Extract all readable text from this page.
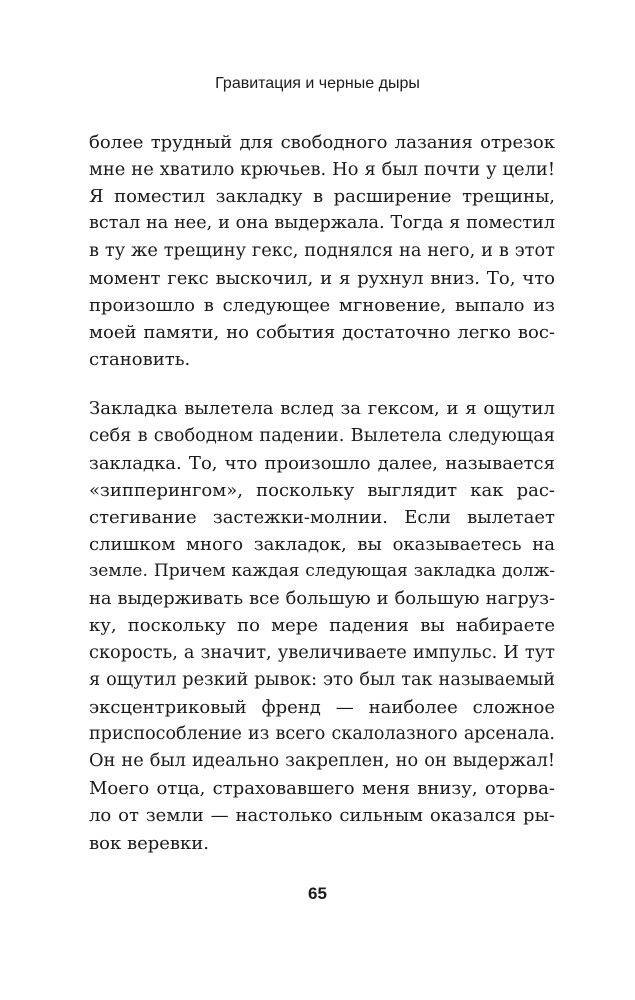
Гравитация и черные дыры

более трудный для свободного лазания отрезок
мне не хватило крючьев. Но я был почти у цели!
Я поместил закладку в расширение трещины,
встал на нее, и она выдержала. Тогда я поместил
в ту же трещину гекс, поднялся на него, и в этот
момент гекс выскочил, и я рухнул вниз. То, что
произошло в следующее мгновение, выпало из
моей памяти, но события достаточно легко вос-
становить.

Закладка вылетела вслед за гексом, и я ощутил
себя в свободном падении. Вылетела следующая
закладка. То, что произошло далее, называется
«зипперингом», поскольку выглядит как рас-
стегивание застежки-молнии. Если вылетает
слишком много закладок, вы оказываетесь на
земле. Причем каждая следующая закладка долж-
на выдерживать все большую и большую нагруз-
ку, поскольку по мере падения вы набираете
скорость, а значит, увеличиваете импульс. И тут
я ощутил резкий рывок: это был так называемый
эксцентриковый френд — наиболее сложное
приспособление из всего скалолазного арсенала.
Он не был идеально закреплен, но он выдержал!
Моего отца, страховавшего меня внизу, оторва-
ло от земли — настолько сильным оказался ры-
вок веревки.

65
